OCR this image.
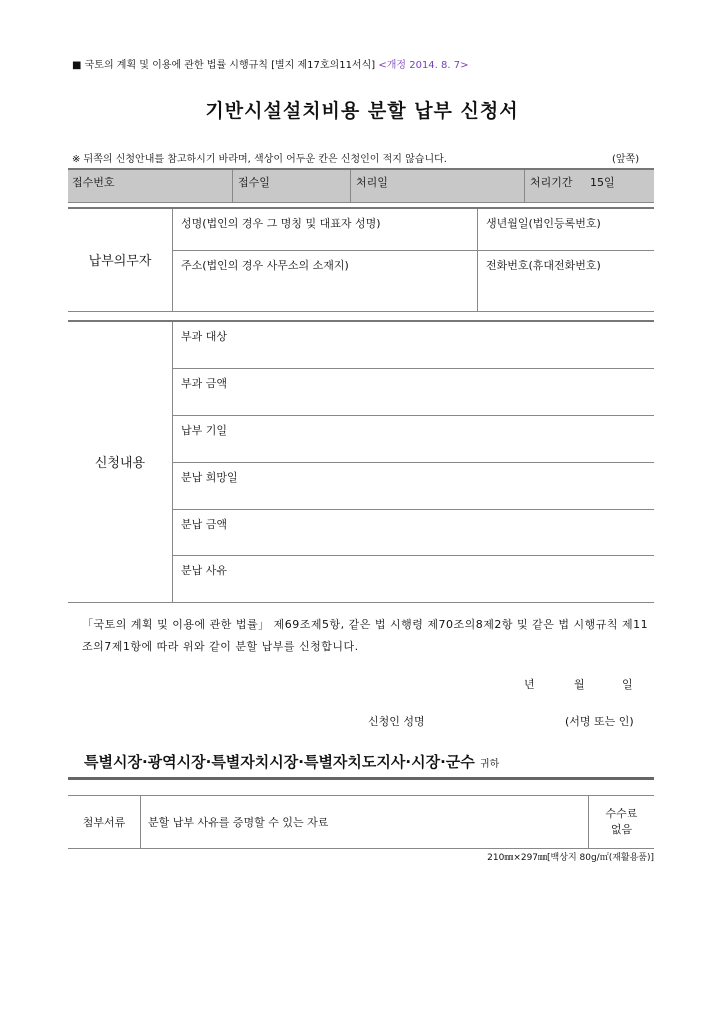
■ 국토의 계획 및 이용에 관한 법률 시행규칙 [별지 제17호의11서식] <개정 2014. 8. 7>
기반시설설치비용 분할 납부 신청서
※ 뒤쪽의 신청안내를 참고하시기 바라며, 색상이 어두운 칸은 신청인이 적지 않습니다.	(앞쪽)
접수번호	접수일	처리일	처리기간 15일
납부의무자	성명(법인의 경우 그 명칭 및 대표자 성명)	생년월일(법인등록번호)

	주소(법인의 경우 사무소의 소재지)	전화번호(휴대전화번호)
신청내용	
부과 대상

부과 금액

납부 기일

분납 희망일

분납 금액

분납 사유
「국토의 계획 및 이용에 관한 법률」 제69조제5항, 같은 법 시행령 제70조의8제2항 및 같은 법 시행규칙 제11조의7제1항에 따라 위와 같이 분할 납부를 신청합니다.
년	월	일
신청인 성명	(서명 또는 인)
특별시장·광역시장·특별자치시장·특별자치도지사·시장·군수 귀하
첨부서류	분할 납부 사유를 증명할 수 있는 자료
수수료
없음
210㎜×297㎜[백상지 80g/㎡(재활용품)]
